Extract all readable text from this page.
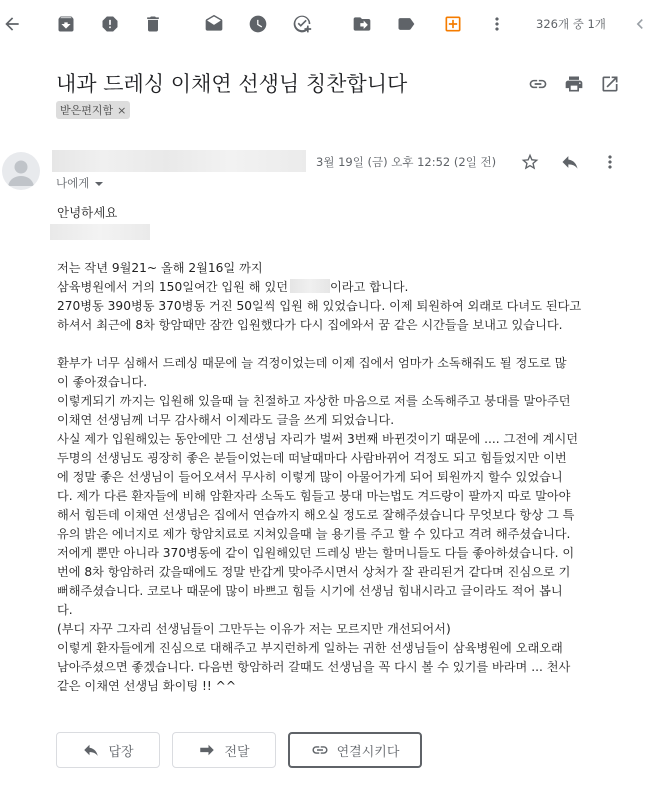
326개 중 1개
내과 드레싱 이채연 선생님 칭찬합니다
받은편지함 ×
나에게
3월 19일 (금) 오후 12:52 (2일 전)
안녕하세요

저는 작년 9월21~ 올해 2월16일 까지

삼육병원에서 거의 150일여간 입원 해 있던	이라고 합니다.

270병동 390병동 370병동 거진 50일씩 입원 해 있었습니다. 이제 퇴원하여 외래로 다녀도 된다고

하셔서 최근에 8차 항암때만 잠깐 입원했다가 다시 집에와서 꿈 같은 시간들을 보내고 있습니다.

환부가 너무 심해서 드레싱 때문에 늘 걱정이었는데 이제 집에서 엄마가 소독해줘도 될 정도로 많

이 좋아졌습니다.

이렇게되기 까지는 입원해 있을때 늘 친절하고 자상한 마음으로 저를 소독해주고 붕대를 말아주던

이채연 선생님께 너무 감사해서 이제라도 글을 쓰게 되었습니다.

사실 제가 입원해있는 동안에만 그 선생님 자리가 벌써 3번째 바뀐것이기 때문에 .... 그전에 계시던

두명의 선생님도 굉장히 좋은 분들이었는데 떠날때마다 사람바뀌어 걱정도 되고 힘들었지만 이번

에 정말 좋은 선생님이 들어오셔서 무사히 이렇게 많이 아물어가게 되어 퇴원까지 할수 있었습니

다. 제가 다른 환자들에 비해 암환자라 소독도 힘들고 붕대 마는법도 겨드랑이 팔까지 따로 말아야

해서 힘든데 이채연 선생님은 집에서 연습까지 해오실 정도로 잘해주셨습니다 무엇보다 항상 그 특

유의 밝은 에너지로 제가 항암치료로 지쳐있을때 늘 용기를 주고 할 수 있다고 격려 해주셨습니다.

저에게 뿐만 아니라 370병동에 같이 입원해있던 드레싱 받는 할머니들도 다들 좋아하셨습니다. 이

번에 8차 항암하러 갔을때에도 정말 반갑게 맞아주시면서 상처가 잘 관리된거 같다며 진심으로 기

뻐해주셨습니다. 코로나 때문에 많이 바쁘고 힘들 시기에 선생님 힘내시라고 글이라도 적어 봅니

다.

(부디 자꾸 그자리 선생님들이 그만두는 이유가 저는 모르지만 개선되어서)

이렇게 환자들에게 진심으로 대해주고 부지런하게 일하는 귀한 선생님들이 삼육병원에 오래오래

남아주셨으면 좋겠습니다. 다음번 항암하러 갈때도 선생님을 꼭 다시 볼 수 있기를 바라며 ... 천사

같은 이채연 선생님 화이팅 !! ^^

답장	전달	연결시키다
